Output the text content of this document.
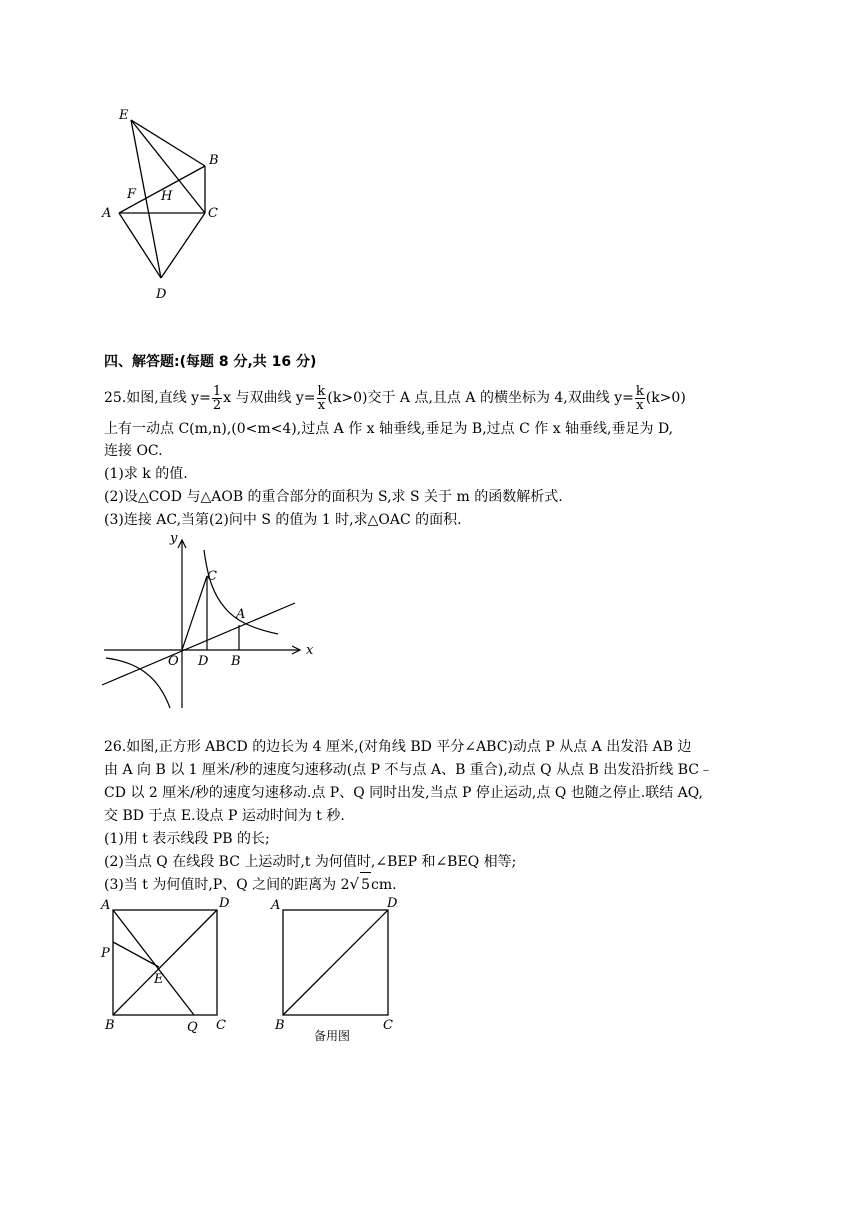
E
B
F H
A	C
D
四、解答题:(每题 8 分,共 16 分)
25.如图,直线 $y= \frac{1}{2}$ x 与双曲线 $y= \frac{k}{x} (k>0)$交于 A 点,且点 A 的横坐标为 4,双曲线 $y= \frac{k}{x} (k>0)$
上有一动点 C(m,n),(0<m<4),过点 A 作 x 轴垂线,垂足为 B,过点 C 作 x 轴垂线,垂足为 D,
连接 OC.
(1)求 k 的值.
(2)设△COD 与△AOB 的重合部分的面积为 S,求 S 关于 m 的函数解析式.
(3)连接 AC,当第(2)问中 S 的值为 1 时,求△OAC 的面积.
y
x
C
A
O D B
26.如图,正方形 ABCD 的边长为 4 厘米,(对角线 BD 平分∠ABC)动点 P 从点 A 出发沿 AB 边
由 A 向 B 以 1 厘米/秒的速度匀速移动(点 P 不与点 A、B 重合),动点 Q 从点 B 出发沿折线 BC﹣
CD 以 2 厘米/秒的速度匀速移动.点 P、Q 同时出发,当点 P 停止运动,点 Q 也随之停止.联结 AQ,
交 BD 于点 E.设点 P 运动时间为 t 秒.
(1)用 t 表示线段 PB 的长;
(2)当点 Q 在线段 BC 上运动时,t 为何值时,∠BEP 和∠BEQ 相等;
(3)当 t 为何值时,P、Q 之间的距离为 2√ 5cm.
A	D
P
E
B	Q C
A	D
B	C
备用图
